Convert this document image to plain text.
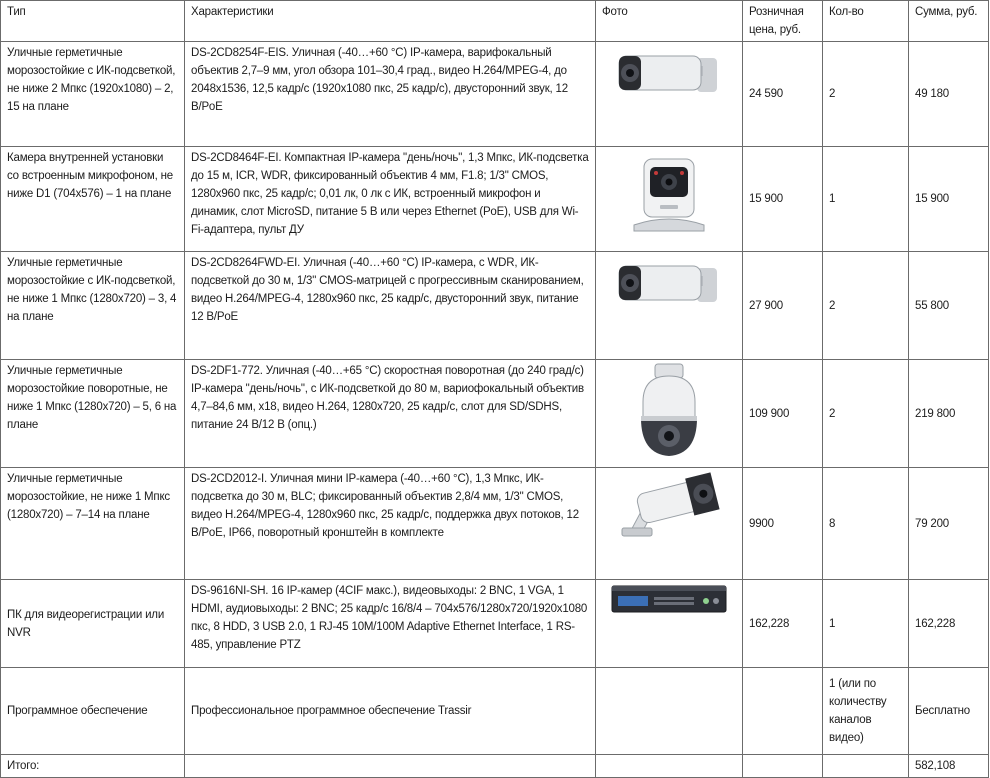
Тип	Характеристики	Фото	Розничная цена, руб.	Кол-во	Сумма, руб.
Уличные герметичные морозостойкие с ИК-подсветкой, не ниже 2 Мпкс (1920x1080) – 2, 15 на плане	DS-2CD8254F-EIS. Уличная (-40…+60 °С) IP-камера, варифокальный объектив 2,7–9 мм, угол обзора 101–30,4 град., видео H.264/MPEG-4, до 2048x1536, 12,5 кадр/с (1920x1080 пкс, 25 кадр/с), двусторонний звук, 12 В/PoE		24 590	2	49 180
Камера внутренней установки со встроенным микрофоном, не ниже D1 (704x576) – 1 на плане	DS-2CD8464F-EI. Компактная IP-камера "день/ночь", 1,3 Мпкс, ИК-подсветка до 15 м, ICR, WDR, фиксированный объектив 4 мм, F1.8; 1/3" CMOS, 1280x960 пкс, 25 кадр/с; 0,01 лк, 0 лк с ИК, встроенный микрофон и динамик, слот MicroSD, питание 5 В или через Ethernet (PoE), USB для Wi-Fi-адаптера, пульт ДУ		15 900	1	15 900
Уличные герметичные морозостойкие с ИК-подсветкой, не ниже 1 Мпкс (1280x720) – 3, 4 на плане	DS-2CD8264FWD-EI. Уличная (-40…+60 °С) IP-камера, с WDR, ИК-подсветкой до 30 м, 1/3" CMOS-матрицей с прогрессивным сканированием, видео H.264/MPEG-4, 1280x960 пкс, 25 кадр/с, двусторонний звук, питание 12 В/PoE		27 900	2	55 800
Уличные герметичные морозостойкие поворотные, не ниже 1 Мпкс (1280x720) – 5, 6 на плане	DS-2DF1-772. Уличная (-40…+65 °С) скоростная поворотная (до 240 град/с) IP-камера "день/ночь", с ИК-подсветкой до 80 м, вариофокальный объектив 4,7–84,6 мм, x18, видео H.264, 1280x720, 25 кадр/с, слот для SD/SDHS, питание 24 В/12 В (опц.)		109 900	2	219 800
Уличные герметичные морозостойкие, не ниже 1 Мпкс (1280x720) – 7–14 на плане	DS-2CD2012-I. Уличная мини IP-камера (-40…+60 °С), 1,3 Мпкс, ИК-подсветка до 30 м, BLC; фиксированный объектив 2,8/4 мм, 1/3" CMOS, видео H.264/MPEG-4, 1280x960 пкс, 25 кадр/с, поддержка двух потоков, 12 В/PoE, IP66, поворотный кронштейн в комплекте		9900	8	79 200
ПК для видеорегистрации или NVR	DS-9616NI-SH. 16 IP-камер (4CIF макс.), видеовыходы: 2 BNC, 1 VGA, 1 HDMI, аудиовыходы: 2 BNC; 25 кадр/с 16/8/4 – 704x576/1280x720/1920x1080 пкс, 8 HDD, 3 USB 2.0, 1 RJ-45 10M/100M Adaptive Ethernet Interface, 1 RS-485, управление PTZ		162,228	1	162,228
Программное обеспечение	Профессиональное программное обеспечение Trassir			1 (или по количеству каналов видео)	Бесплатно
Итого:					582,108
